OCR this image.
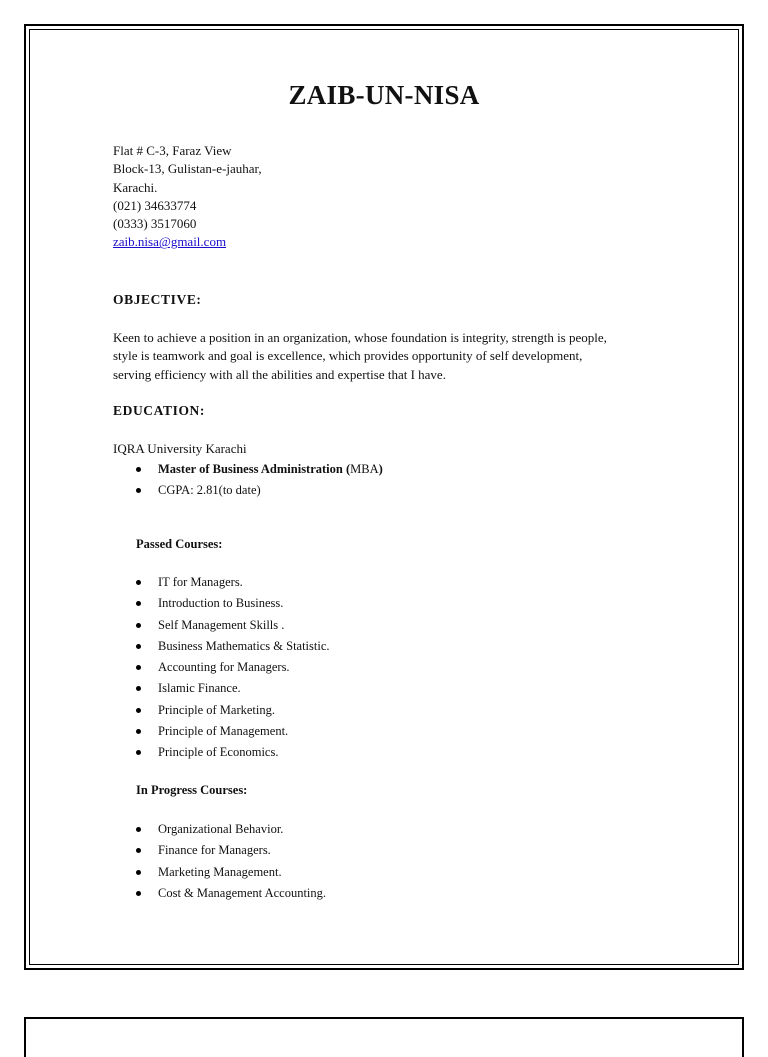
ZAIB-UN-NISA
Flat # C-3, Faraz View
Block-13, Gulistan-e-jauhar,
Karachi.
(021) 34633774
(0333) 3517060
zaib.nisa@gmail.com
OBJECTIVE:
Keen to achieve a position in an organization, whose foundation is integrity, strength is people,
style is teamwork and goal is excellence, which provides opportunity of self development,
serving efficiency with all the abilities and expertise that I have.
EDUCATION:
IQRA University Karachi
Master of Business Administration (MBA)
CGPA: 2.81(to date)
Passed Courses:
IT for Managers.
Introduction to Business.
Self Management Skills .
Business Mathematics & Statistic.
Accounting for Managers.
Islamic Finance.
Principle of Marketing.
Principle of Management.
Principle of Economics.
In Progress Courses:
Organizational Behavior.
Finance for Managers.
Marketing Management.
Cost & Management Accounting.
